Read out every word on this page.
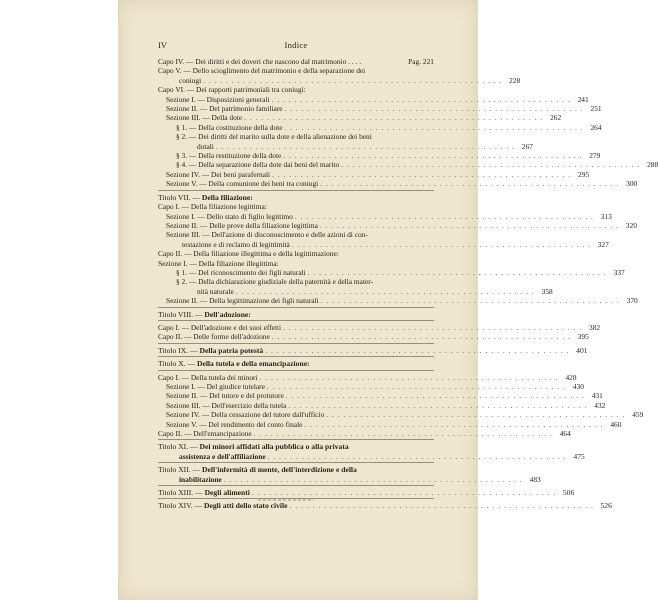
IV	Indice
Capo IV. — Dei diritti e dei doveri che nascono dal matrimonio . . . .	Pag. 221
Capo V. — Dello scioglimento del matrimonio e della separazione dei
coniugi . . .	228
Capo VI. — Dei rapporti patrimoniali tra coniugi:
Sezione I. — Disposizioni generali . . .	241
Sezione II. — Del patrimonio familiare . . .	251
Sezione III. — Della dote . . .	262
§ 1. — Della costituzione della dote . . .	264
§ 2. — Dei diritti del marito sulla dote e della alienazione dei beni
dotali . . .	267
§ 3. — Della restituzione della dote . . .	279
§ 4. — Della separazione della dote dai beni del marito . . .	288
Sezione IV. — Dei beni parafernali . . .	295
Sezione V. — Della comunione dei beni tra coniugi . . .	300
Titolo VII. — Della filiazione:
Capo I. — Della filiazione legittima:
Sezione I. — Dello stato di figlio legittimo . . .	313
Sezione II. — Delle prove della filiazione legittima . . .	320
Sezione III. — Dell'azione di disconoscimento e delle azioni di con-
testazione e di reclamo di legittimità . . .	327
Capo II. — Della filiazione illegittima e della legittimazione:
Sezione I. — Della filiazione illegittima:
§ 1. — Del riconoscimento dei figli naturali . . .	337
§ 2. — Della dichiarazione giudiziale della paternità e della mater-
nità naturale . . .	358
Sezione II. — Della legittimazione dei figli naturali . . .	370
Titolo VIII. — Dell'adozione:
Capo I. — Dell'adozione e dei suoi effetti . . .	382
Capo II. — Delle forme dell'adozione . . .	395
Titolo IX. — Della patria potestà . . .	401
Titolo X. — Della tutela e della emancipazione:
Capo I. — Della tutela dei minori . . .	428
Sezione I. — Del giudice tutelare . . .	430
Sezione II. — Del tutore e del protutore . . .	431
Sezione III. — Dell'esercizio della tutela . . .	432
Sezione IV. — Della cessazione del tutore dall'ufficio . . .	459
Sezione V. — Del rendimento del conto finale . . .	460
Capo II. — Dell'emancipazione . . .	464
Titolo XI. — Dei minori affidati alla pubblica o alla privata
assistenza e dell'affiliazione . . .	475
Titolo XII. — Dell'infermità di mente, dell'interdizione e della
inabilitazione . . .	483
Titolo XIII. — Degli alimenti . . .	506
Titolo XIV. — Degli atti dello stato civile . . .	526
